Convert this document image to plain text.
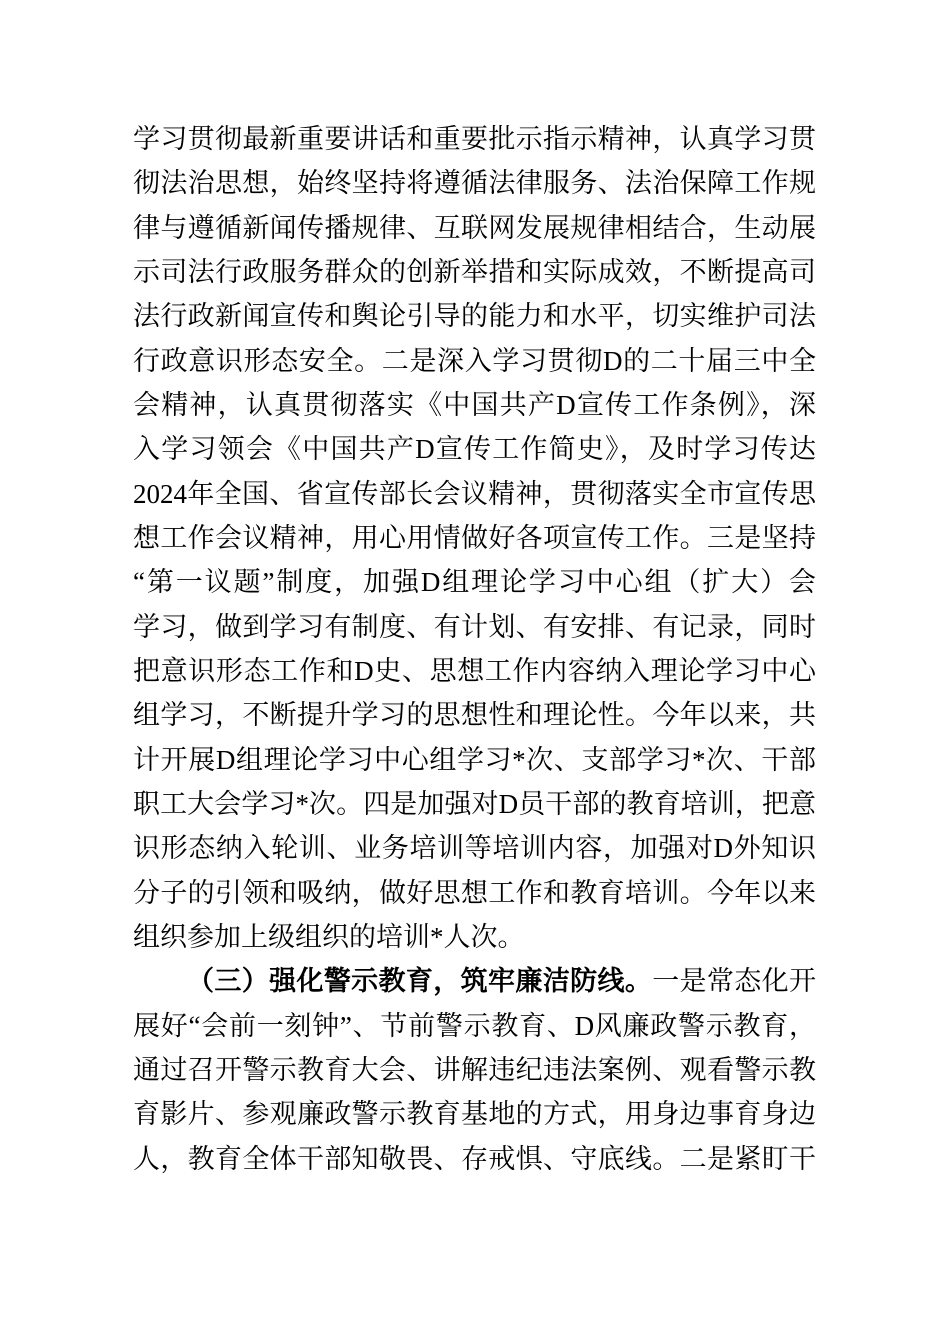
学习贯彻最新重要讲话和重要批示指示精神，认真学习贯
彻法治思想，始终坚持将遵循法律服务、法治保障工作规
律与遵循新闻传播规律、互联网发展规律相结合，生动展
示司法行政服务群众的创新举措和实际成效，不断提高司
法行政新闻宣传和舆论引导的能力和水平，切实维护司法
行政意识形态安全。二是深入学习贯彻D的二十届三中全
会精神，认真贯彻落实《中国共产D宣传工作条例》，深
入学习领会《中国共产D宣传工作简史》，及时学习传达
2024年全国、省宣传部长会议精神，贯彻落实全市宣传思
想工作会议精神，用心用情做好各项宣传工作。三是坚持
“第一议题”制度，加强D组理论学习中心组（扩大）会
学习，做到学习有制度、有计划、有安排、有记录，同时
把意识形态工作和D史、思想工作内容纳入理论学习中心
组学习，不断提升学习的思想性和理论性。今年以来，共
计开展D组理论学习中心组学习*次、支部学习*次、干部
职工大会学习*次。四是加强对D员干部的教育培训，把意
识形态纳入轮训、业务培训等培训内容，加强对D外知识
分子的引领和吸纳，做好思想工作和教育培训。今年以来
组织参加上级组织的培训*人次。
（三）强化警示教育，筑牢廉洁防线。一是常态化开
展好“会前一刻钟”、节前警示教育、D风廉政警示教育，
通过召开警示教育大会、讲解违纪违法案例、观看警示教
育影片、参观廉政警示教育基地的方式，用身边事育身边
人，教育全体干部知敬畏、存戒惧、守底线。二是紧盯干
